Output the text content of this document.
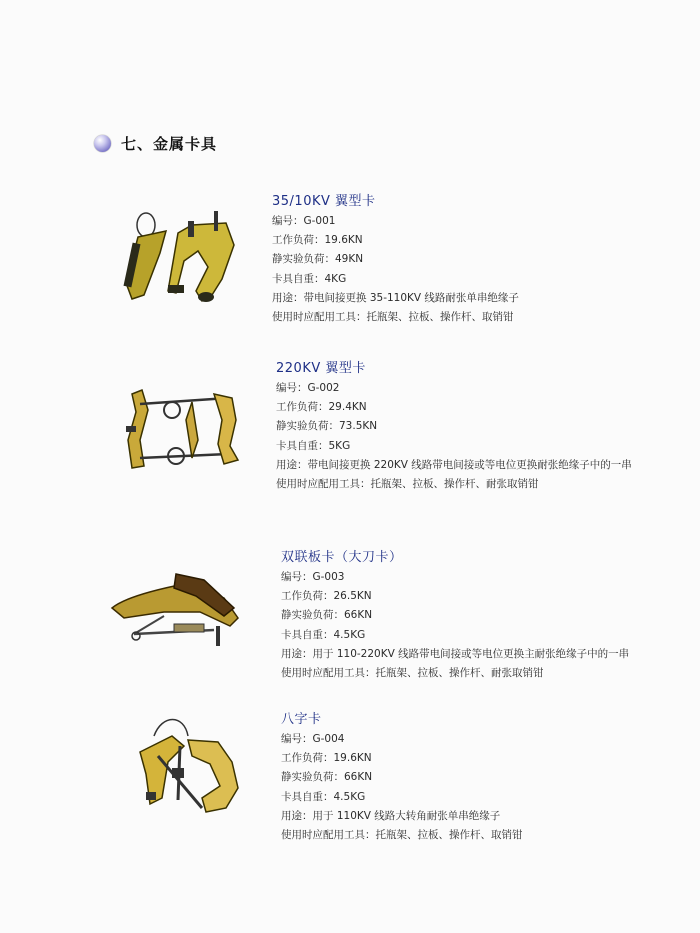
七、金属卡具
35/10KV 翼型卡
编号：G-001
工作负荷：19.6KN
静实验负荷：49KN
卡具自重：4KG
用途：带电间接更换 35-110KV 线路耐张单串绝缘子
使用时应配用工具：托瓶架、拉板、操作杆、取销钳
220KV 翼型卡
编号：G-002
工作负荷：29.4KN
静实验负荷：73.5KN
卡具自重：5KG
用途：带电间接更换 220KV 线路带电间接或等电位更换耐张绝缘子中的一串
使用时应配用工具：托瓶架、拉板、操作杆、耐张取销钳
双联板卡（大刀卡）
编号：G-003
工作负荷：26.5KN
静实验负荷：66KN
卡具自重：4.5KG
用途：用于 110-220KV 线路带电间接或等电位更换主耐张绝缘子中的一串
使用时应配用工具：托瓶架、拉板、操作杆、耐张取销钳
八字卡
编号：G-004
工作负荷：19.6KN
静实验负荷：66KN
卡具自重：4.5KG
用途：用于 110KV 线路大转角耐张单串绝缘子
使用时应配用工具：托瓶架、拉板、操作杆、取销钳
